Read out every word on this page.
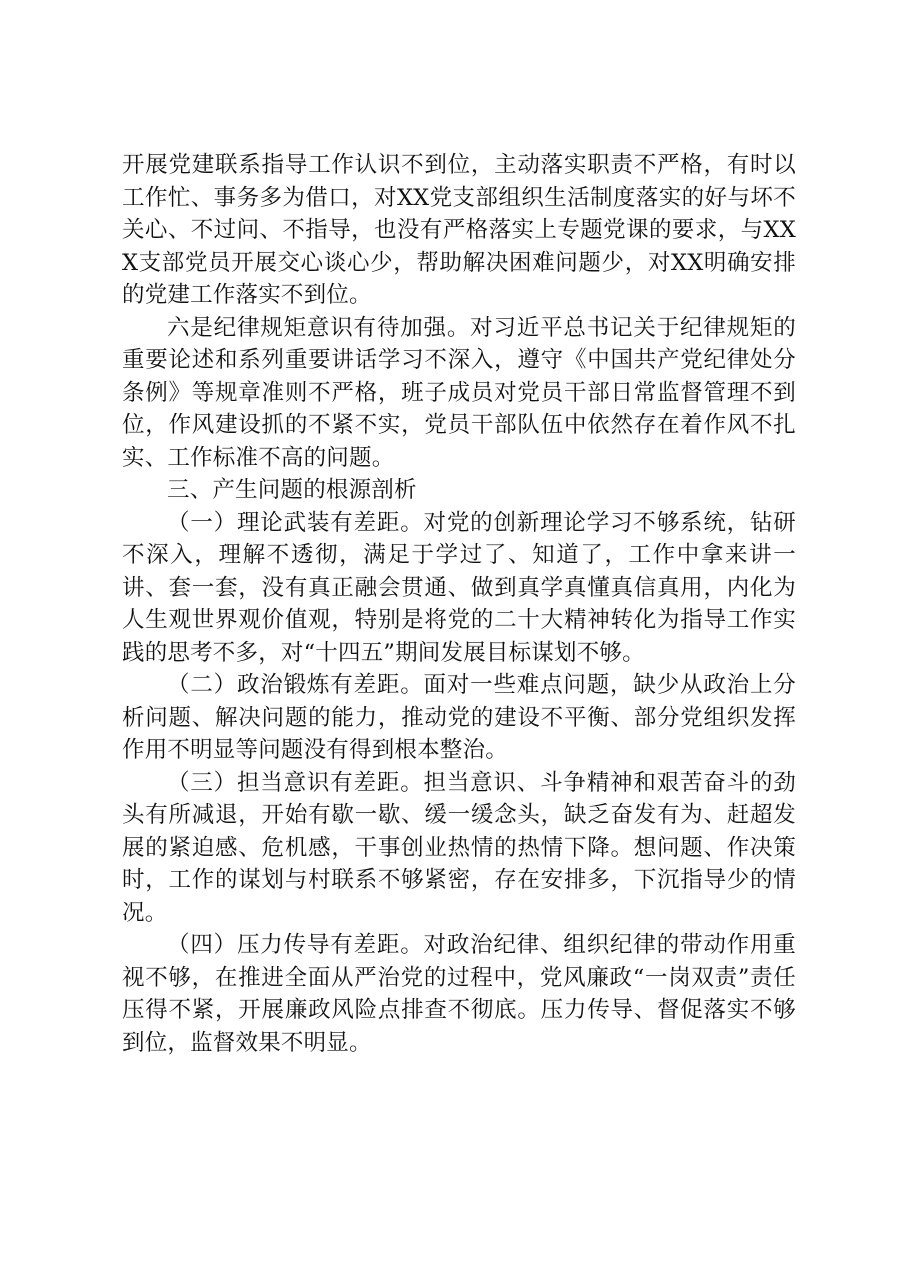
开展党建联系指导工作认识不到位，主动落实职责不严格，有时以工作忙、事务多为借口，对XX党支部组织生活制度落实的好与坏不关心、不过问、不指导，也没有严格落实上专题党课的要求，与XXX支部党员开展交心谈心少，帮助解决困难问题少，对XX明确安排的党建工作落实不到位。

六是纪律规矩意识有待加强。对习近平总书记关于纪律规矩的重要论述和系列重要讲话学习不深入，遵守《中国共产党纪律处分条例》等规章准则不严格，班子成员对党员干部日常监督管理不到位，作风建设抓的不紧不实，党员干部队伍中依然存在着作风不扎实、工作标准不高的问题。

三、产生问题的根源剖析

（一）理论武装有差距。对党的创新理论学习不够系统，钻研不深入，理解不透彻，满足于学过了、知道了，工作中拿来讲一讲、套一套，没有真正融会贯通、做到真学真懂真信真用，内化为人生观世界观价值观，特别是将党的二十大精神转化为指导工作实践的思考不多，对“十四五”期间发展目标谋划不够。

（二）政治锻炼有差距。面对一些难点问题，缺少从政治上分析问题、解决问题的能力，推动党的建设不平衡、部分党组织发挥作用不明显等问题没有得到根本整治。

（三）担当意识有差距。担当意识、斗争精神和艰苦奋斗的劲头有所减退，开始有歇一歇、缓一缓念头，缺乏奋发有为、赶超发展的紧迫感、危机感，干事创业热情的热情下降。想问题、作决策时，工作的谋划与村联系不够紧密，存在安排多，下沉指导少的情况。

（四）压力传导有差距。对政治纪律、组织纪律的带动作用重视不够，在推进全面从严治党的过程中，党风廉政“一岗双责”责任压得不紧，开展廉政风险点排查不彻底。压力传导、督促落实不够到位，监督效果不明显。
